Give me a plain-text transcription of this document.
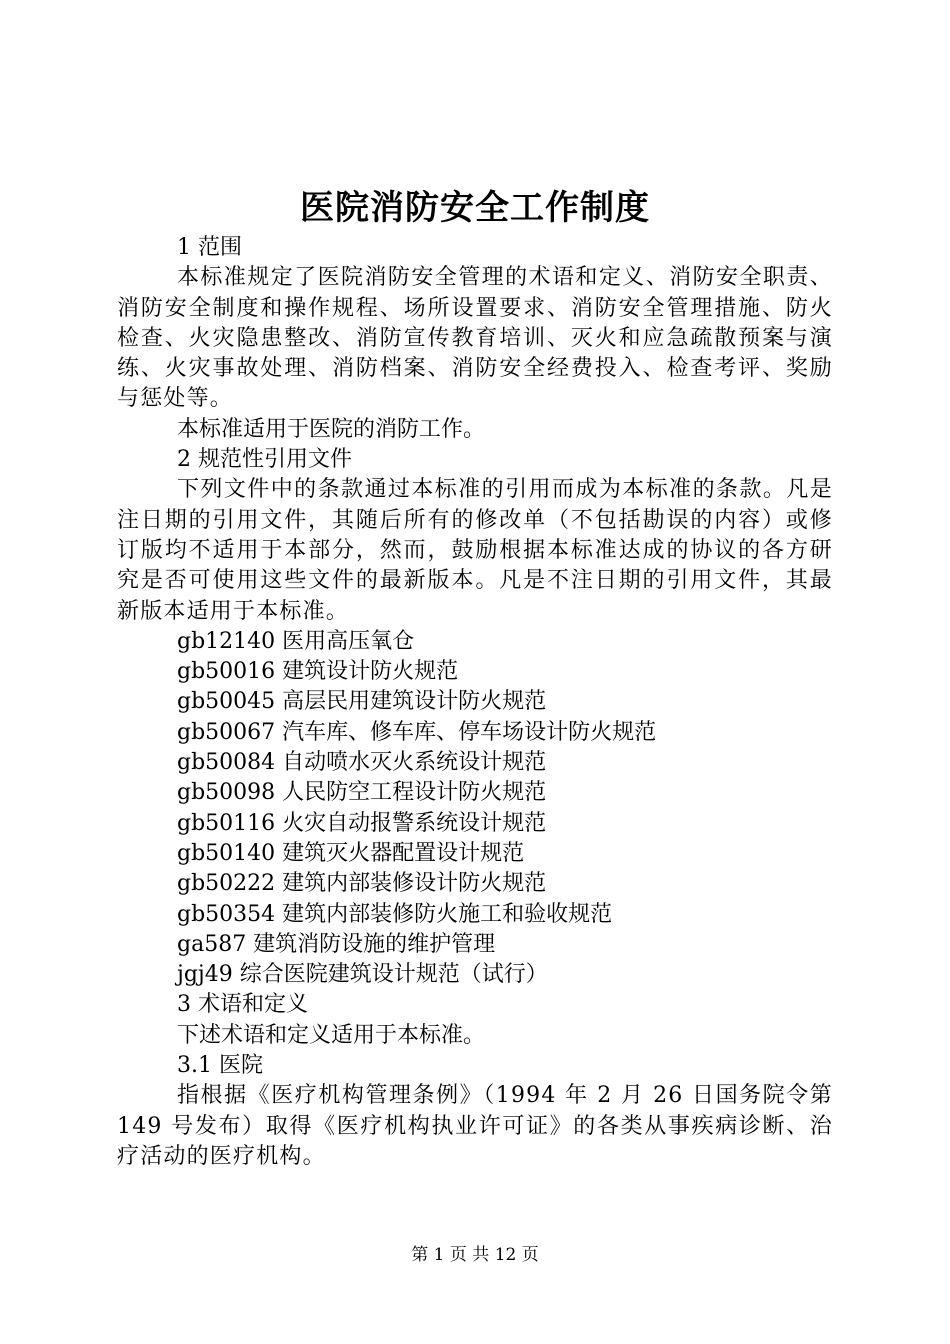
医院消防安全工作制度

1 范围

本标准规定了医院消防安全管理的术语和定义、消防安全职责、消防安全制度和操作规程、场所设置要求、消防安全管理措施、防火检查、火灾隐患整改、消防宣传教育培训、灭火和应急疏散预案与演练、火灾事故处理、消防档案、消防安全经费投入、检查考评、奖励与惩处等。

本标准适用于医院的消防工作。

2 规范性引用文件

下列文件中的条款通过本标准的引用而成为本标准的条款。凡是注日期的引用文件，其随后所有的修改单（不包括勘误的内容）或修订版均不适用于本部分，然而，鼓励根据本标准达成的协议的各方研究是否可使用这些文件的最新版本。凡是不注日期的引用文件，其最新版本适用于本标准。

gb12140 医用高压氧仓

gb50016 建筑设计防火规范

gb50045 高层民用建筑设计防火规范

gb50067 汽车库、修车库、停车场设计防火规范

gb50084 自动喷水灭火系统设计规范

gb50098 人民防空工程设计防火规范

gb50116 火灾自动报警系统设计规范

gb50140 建筑灭火器配置设计规范

gb50222 建筑内部装修设计防火规范

gb50354 建筑内部装修防火施工和验收规范

ga587 建筑消防设施的维护管理

jgj49 综合医院建筑设计规范（试行）

3 术语和定义

下述术语和定义适用于本标准。

3.1 医院

指根据《医疗机构管理条例》（1994 年 2 月 26 日国务院令第 149 号发布）取得《医疗机构执业许可证》的各类从事疾病诊断、治疗活动的医疗机构。

第 1 页 共 12 页
